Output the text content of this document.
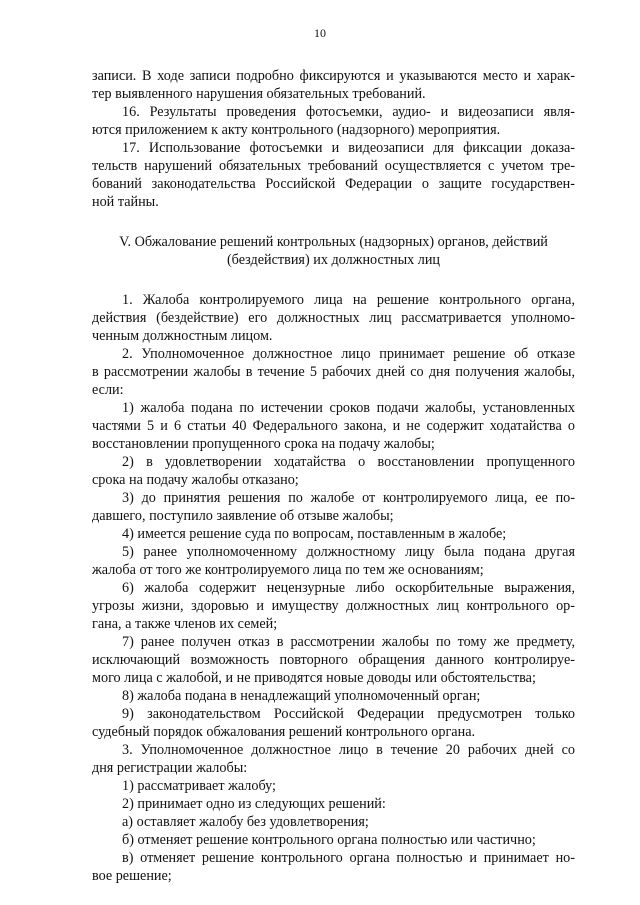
10
записи. В ходе записи подробно фиксируются и указываются место и харак-
тер выявленного нарушения обязательных требований.
16. Результаты проведения фотосъемки, аудио- и видеозаписи явля-
ются приложением к акту контрольного (надзорного) мероприятия.
17. Использование фотосъемки и видеозаписи для фиксации доказа-
тельств нарушений обязательных требований осуществляется с учетом тре-
бований законодательства Российской Федерации о защите государствен-
ной тайны.
V. Обжалование решений контрольных (надзорных) органов, действий
(бездействия) их должностных лиц
1. Жалоба контролируемого лица на решение контрольного органа,
действия (бездействие) его должностных лиц рассматривается уполномо-
ченным должностным лицом.
2. Уполномоченное должностное лицо принимает решение об отказе
в рассмотрении жалобы в течение 5 рабочих дней со дня получения жалобы,
если:
1) жалоба подана по истечении сроков подачи жалобы, установленных
частями 5 и 6 статьи 40 Федерального закона, и не содержит ходатайства о
восстановлении пропущенного срока на подачу жалобы;
2) в удовлетворении ходатайства о восстановлении пропущенного
срока на подачу жалобы отказано;
3) до принятия решения по жалобе от контролируемого лица, ее по-
давшего, поступило заявление об отзыве жалобы;
4) имеется решение суда по вопросам, поставленным в жалобе;
5) ранее уполномоченному должностному лицу была подана другая
жалоба от того же контролируемого лица по тем же основаниям;
6) жалоба содержит нецензурные либо оскорбительные выражения,
угрозы жизни, здоровью и имуществу должностных лиц контрольного ор-
гана, а также членов их семей;
7) ранее получен отказ в рассмотрении жалобы по тому же предмету,
исключающий возможность повторного обращения данного контролируе-
мого лица с жалобой, и не приводятся новые доводы или обстоятельства;
8) жалоба подана в ненадлежащий уполномоченный орган;
9) законодательством Российской Федерации предусмотрен только
судебный порядок обжалования решений контрольного органа.
3. Уполномоченное должностное лицо в течение 20 рабочих дней со
дня регистрации жалобы:
1) рассматривает жалобу;
2) принимает одно из следующих решений:
а) оставляет жалобу без удовлетворения;
б) отменяет решение контрольного органа полностью или частично;
в) отменяет решение контрольного органа полностью и принимает но-
вое решение;
